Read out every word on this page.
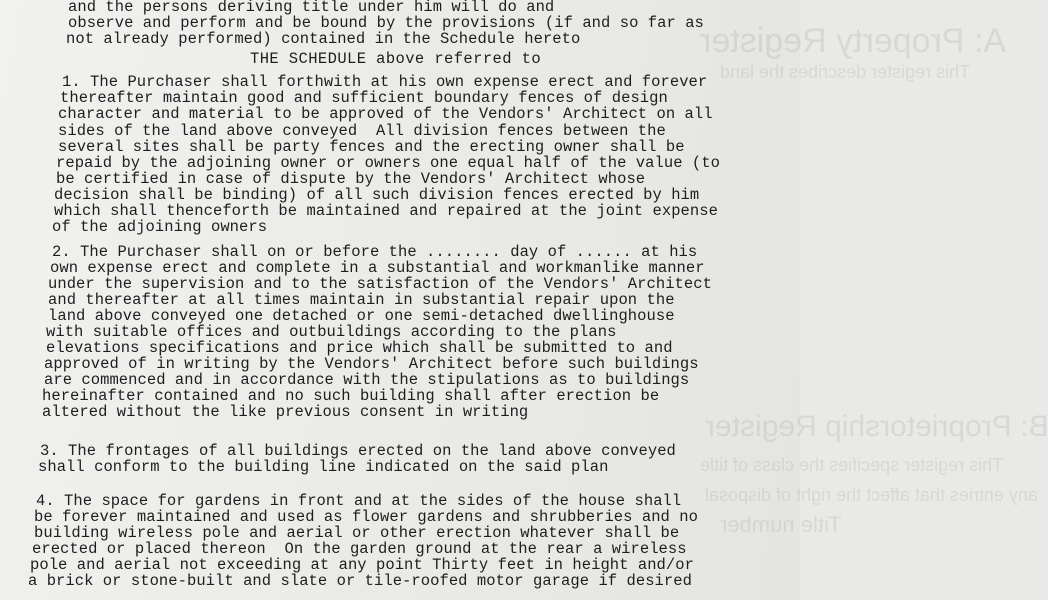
A: Property Register
B: Proprietorship Register
This register describes the land
This register specifies the class of title
any entries that affect the right of disposal
Title number
and the persons deriving title under him will do and
observe and perform and be bound by the provisions (if and so far as
not already performed) contained in the Schedule hereto
THE SCHEDULE above referred to
1. The Purchaser shall forthwith at his own expense erect and forever
thereafter maintain good and sufficient boundary fences of design
character and material to be approved of the Vendors' Architect on all
sides of the land above conveyed  All division fences between the
several sites shall be party fences and the erecting owner shall be
repaid by the adjoining owner or owners one equal half of the value (to
be certified in case of dispute by the Vendors' Architect whose
decision shall be binding) of all such division fences erected by him
which shall thenceforth be maintained and repaired at the joint expense
of the adjoining owners
2. The Purchaser shall on or before the ........ day of ...... at his
own expense erect and complete in a substantial and workmanlike manner
under the supervision and to the satisfaction of the Vendors' Architect
and thereafter at all times maintain in substantial repair upon the
land above conveyed one detached or one semi-detached dwellinghouse
with suitable offices and outbuildings according to the plans
elevations specifications and price which shall be submitted to and
approved of in writing by the Vendors' Architect before such buildings
are commenced and in accordance with the stipulations as to buildings
hereinafter contained and no such building shall after erection be
altered without the like previous consent in writing
3. The frontages of all buildings erected on the land above conveyed
shall conform to the building line indicated on the said plan
4. The space for gardens in front and at the sides of the house shall
be forever maintained and used as flower gardens and shrubberies and no
building wireless pole and aerial or other erection whatever shall be
erected or placed thereon  On the garden ground at the rear a wireless
pole and aerial not exceeding at any point Thirty feet in height and/or
a brick or stone-built and slate or tile-roofed motor garage if desired
